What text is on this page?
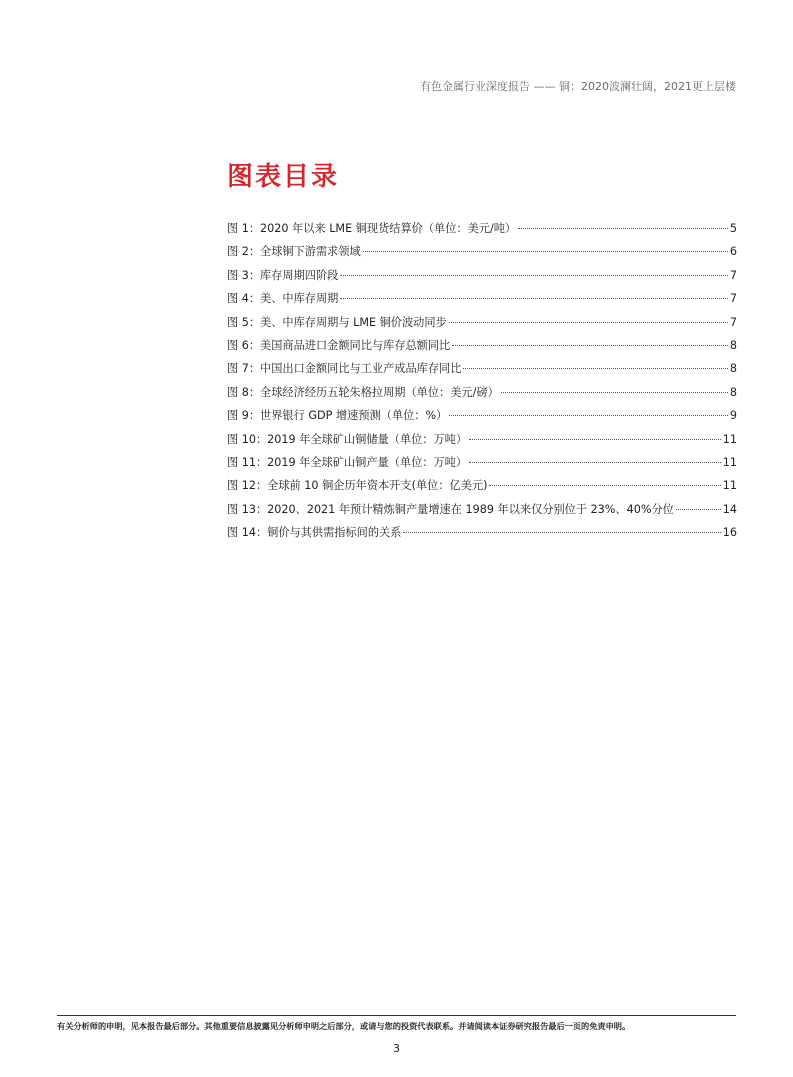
有色金属行业深度报告 —— 铜：2020波澜壮阔，2021更上层楼
图表目录
图 1：2020 年以来 LME 铜现货结算价（单位：美元/吨）	5
图 2：全球铜下游需求领域	6
图 3：库存周期四阶段	7
图 4：美、中库存周期	7
图 5：美、中库存周期与 LME 铜价波动同步	7
图 6：美国商品进口金额同比与库存总额同比	8
图 7：中国出口金额同比与工业产成品库存同比	8
图 8：全球经济经历五轮朱格拉周期（单位：美元/磅）	8
图 9：世界银行 GDP 增速预测（单位：%）	9
图 10：2019 年全球矿山铜储量（单位：万吨）	11
图 11：2019 年全球矿山铜产量（单位：万吨）	11
图 12：全球前 10 铜企历年资本开支(单位：亿美元)	11
图 13：2020、2021 年预计精炼铜产量增速在 1989 年以来仅分别位于 23%、40%分位	14
图 14：铜价与其供需指标间的关系	16
有关分析师的申明，见本报告最后部分。其他重要信息披露见分析师申明之后部分，或请与您的投资代表联系。并请阅读本证券研究报告最后一页的免责申明。
3
